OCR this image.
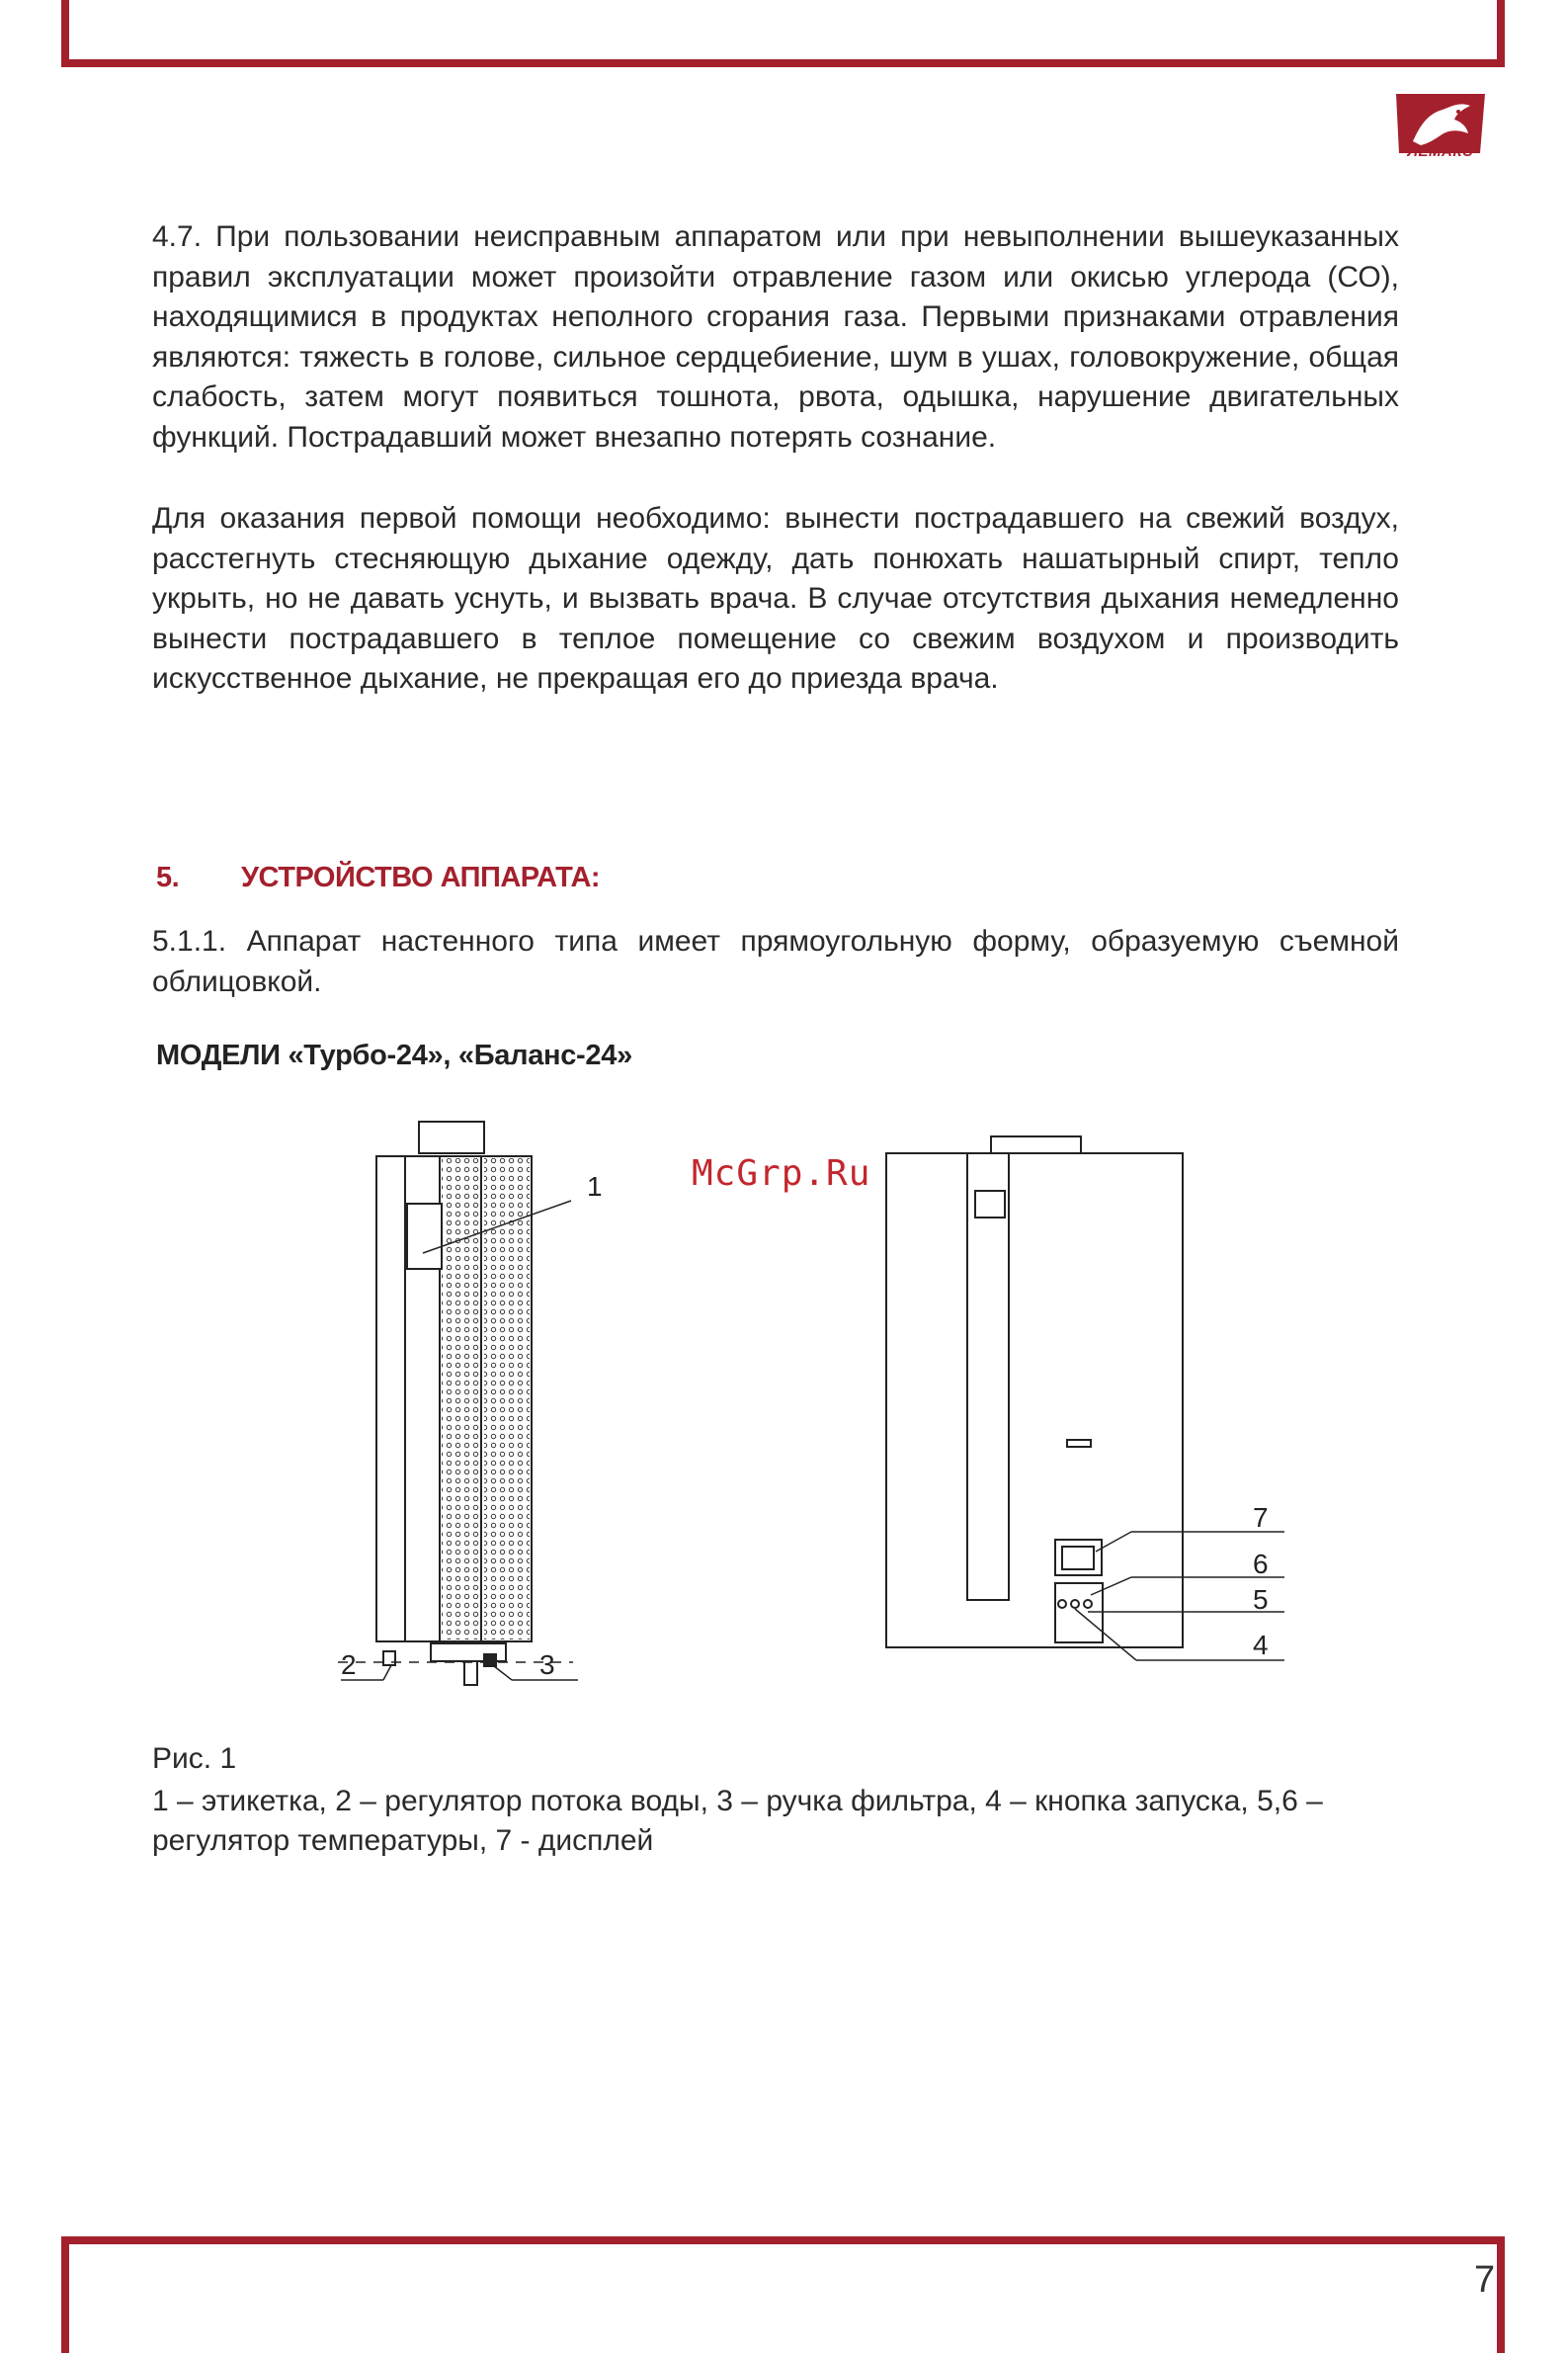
ЛЕМАКС

4.7. При пользовании неисправным аппаратом или при невыполнении вышеуказанных правил эксплуатации может произойти отравление газом или окисью углерода (СО), находящимися в продуктах неполного сгорания газа. Первыми признаками отравления являются: тяжесть в голове, сильное сердцебиение, шум в ушах, головокружение, общая слабость, затем могут появиться тошнота, рвота, одышка, нарушение двигательных функций. Пострадавший может внезапно потерять сознание.

Для оказания первой помощи необходимо: вынести пострадавшего на свежий воздух, расстегнуть стесняющую дыхание одежду, дать понюхать нашатырный спирт, тепло укрыть, но не давать уснуть, и вызвать врача. В случае отсутствия дыхания немедленно вынести пострадавшего в теплое помещение со свежим воздухом и производить искусственное дыхание, не прекращая его до приезда врача.

5. УСТРОЙСТВО АППАРАТА:

5.1.1. Аппарат настенного типа имеет прямоугольную форму, образуемую съемной облицовкой.

МОДЕЛИ «Турбо-24», «Баланс-24»
1
2	3
7
6
5
4
McGrp.Ru
Рис. 1

1 – этикетка, 2 – регулятор потока воды, 3 – ручка фильтра, 4 – кнопка запуска, 5,6 – регулятор температуры, 7 - дисплей

7
